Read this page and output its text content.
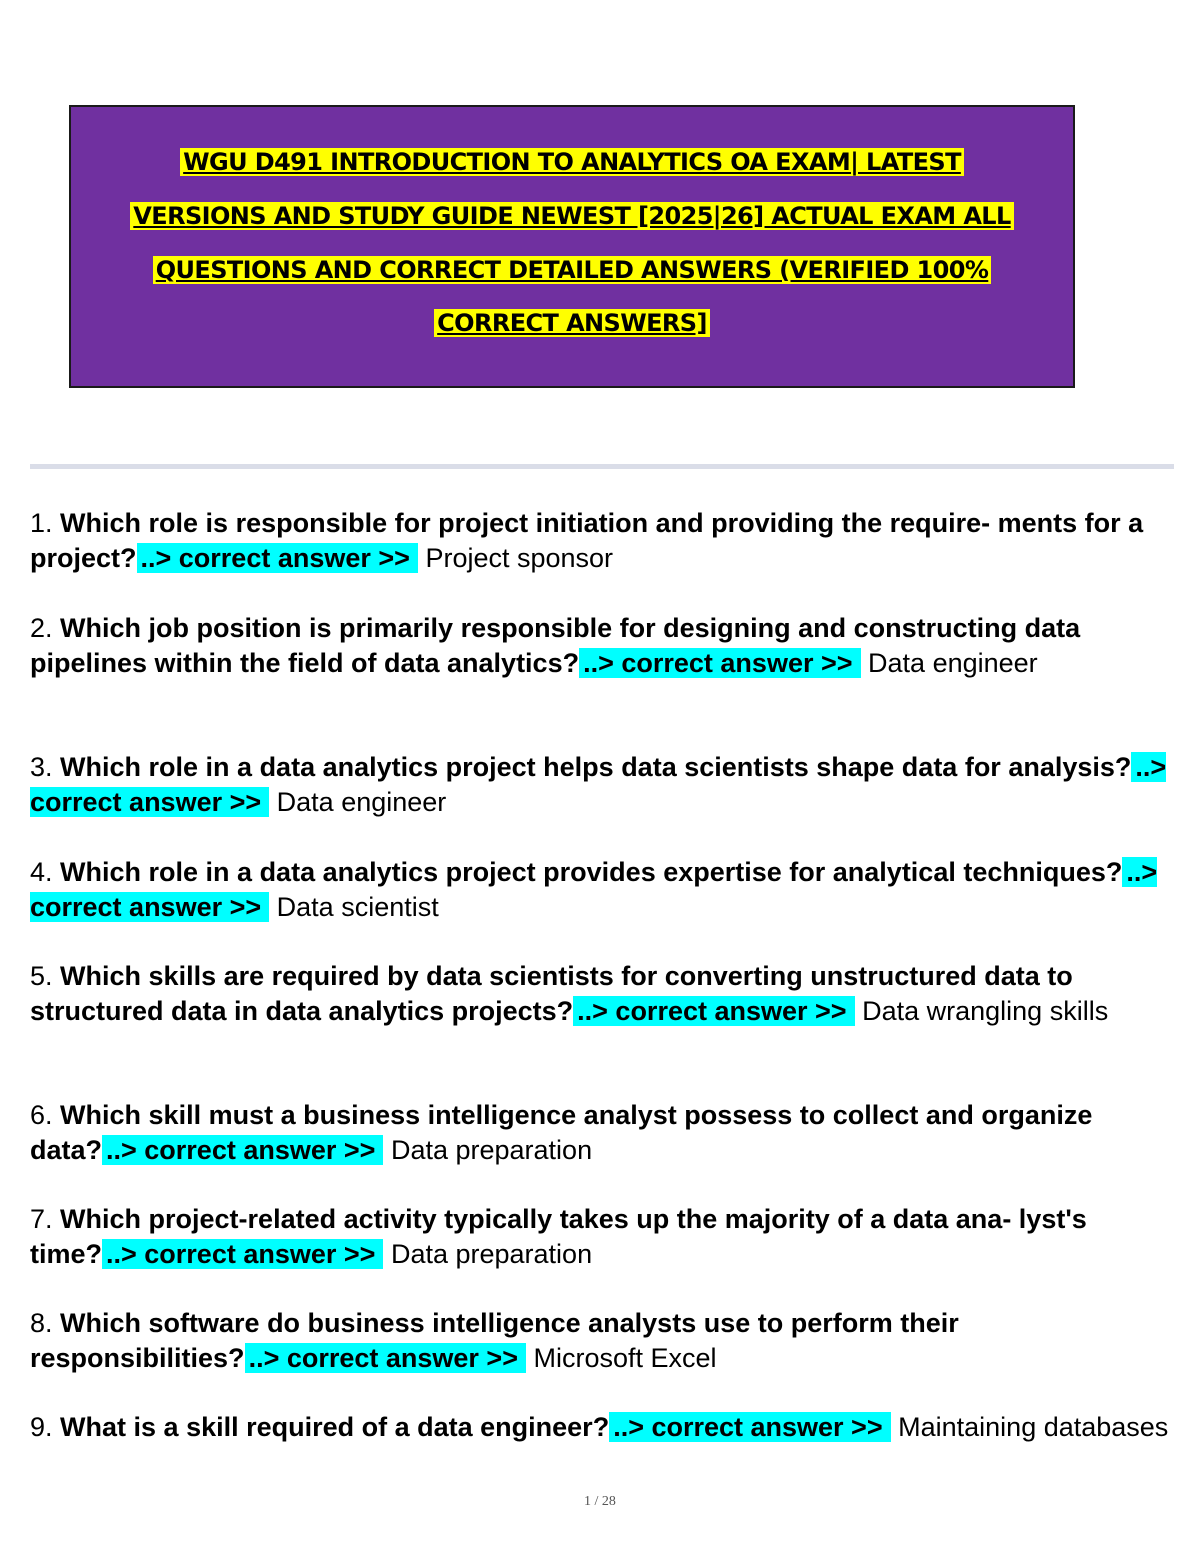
WGU D491 INTRODUCTION TO ANALYTICS OA EXAM| LATEST
VERSIONS AND STUDY GUIDE NEWEST [2025|26] ACTUAL EXAM ALL
QUESTIONS AND CORRECT DETAILED ANSWERS (VERIFIED 100%
CORRECT ANSWERS]

1. Which role is responsible for project initiation and providing the require- ments for a project? ..> correct answer >> Project sponsor

2. Which job position is primarily responsible for designing and constructing data pipelines within the field of data analytics? ..> correct answer >> Data engineer

3. Which role in a data analytics project helps data scientists shape data for analysis? ..> correct answer >> Data engineer

4. Which role in a data analytics project provides expertise for analytical techniques? ..> correct answer >> Data scientist

5. Which skills are required by data scientists for converting unstructured data to structured data in data analytics projects? ..> correct answer >> Data wrangling skills

6. Which skill must a business intelligence analyst possess to collect and organize data? ..> correct answer >> Data preparation

7. Which project-related activity typically takes up the majority of a data ana- lyst's time? ..> correct answer >> Data preparation

8. Which software do business intelligence analysts use to perform their responsibilities? ..> correct answer >> Microsoft Excel

9. What is a skill required of a data engineer? ..> correct answer >> Maintaining databases

1 / 28
